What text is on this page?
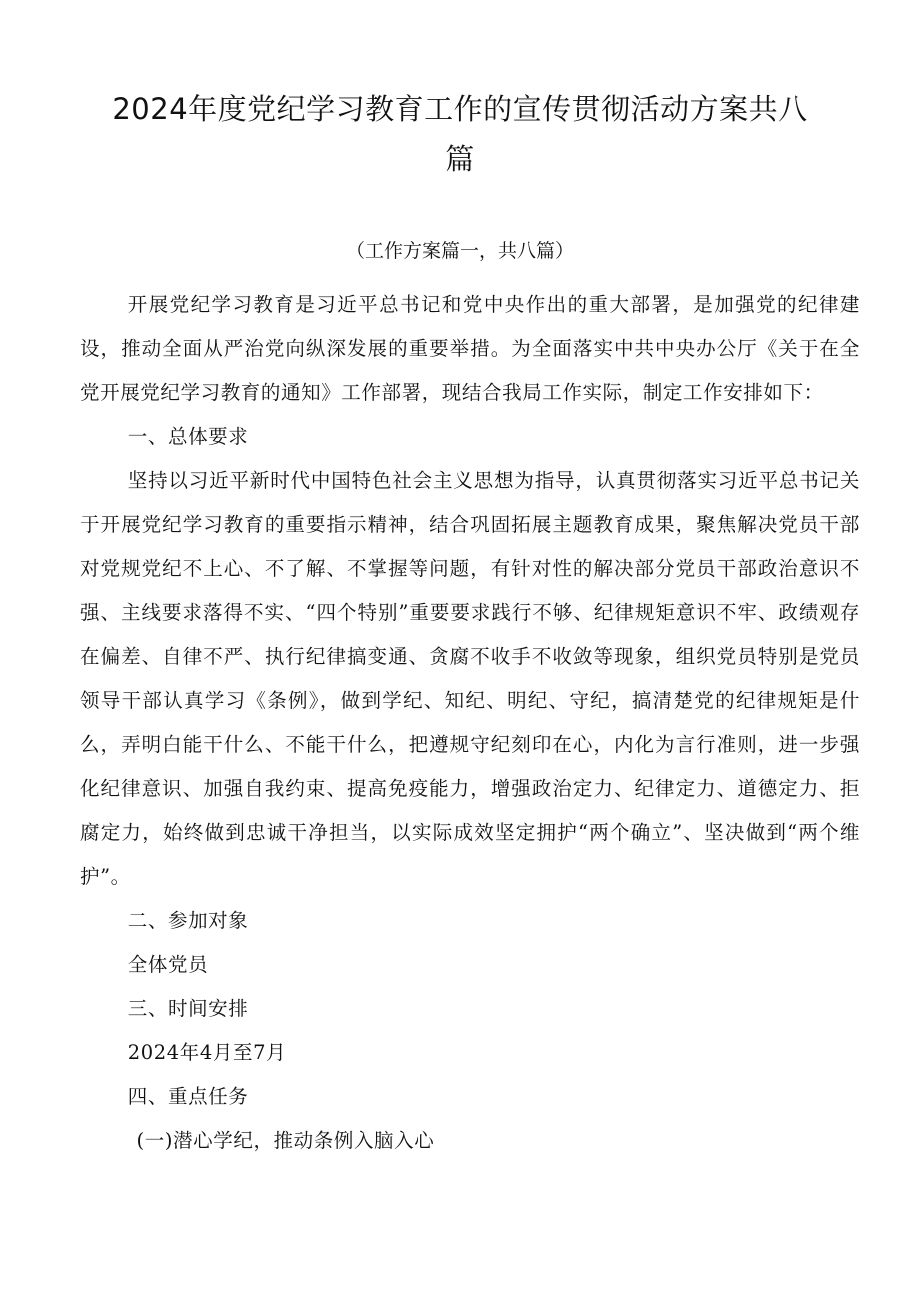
2024年度党纪学习教育工作的宣传贯彻活动方案共八篇

（工作方案篇一，共八篇）

开展党纪学习教育是习近平总书记和党中央作出的重大部署，是加强党的纪律建设，推动全面从严治党向纵深发展的重要举措。为全面落实中共中央办公厅《关于在全党开展党纪学习教育的通知》工作部署，现结合我局工作实际，制定工作安排如下：

一、总体要求

坚持以习近平新时代中国特色社会主义思想为指导，认真贯彻落实习近平总书记关于开展党纪学习教育的重要指示精神，结合巩固拓展主题教育成果，聚焦解决党员干部对党规党纪不上心、不了解、不掌握等问题，有针对性的解决部分党员干部政治意识不强、主线要求落得不实、“四个特别”重要要求践行不够、纪律规矩意识不牢、政绩观存在偏差、自律不严、执行纪律搞变通、贪腐不收手不收敛等现象，组织党员特别是党员领导干部认真学习《条例》，做到学纪、知纪、明纪、守纪，搞清楚党的纪律规矩是什么，弄明白能干什么、不能干什么，把遵规守纪刻印在心，内化为言行准则，进一步强化纪律意识、加强自我约束、提高免疫能力，增强政治定力、纪律定力、道德定力、拒腐定力，始终做到忠诚干净担当，以实际成效坚定拥护“两个确立”、坚决做到“两个维护”。

二、参加对象

全体党员

三、时间安排

2024年4月至7月

四、重点任务

(一)潜心学纪，推动条例入脑入心
